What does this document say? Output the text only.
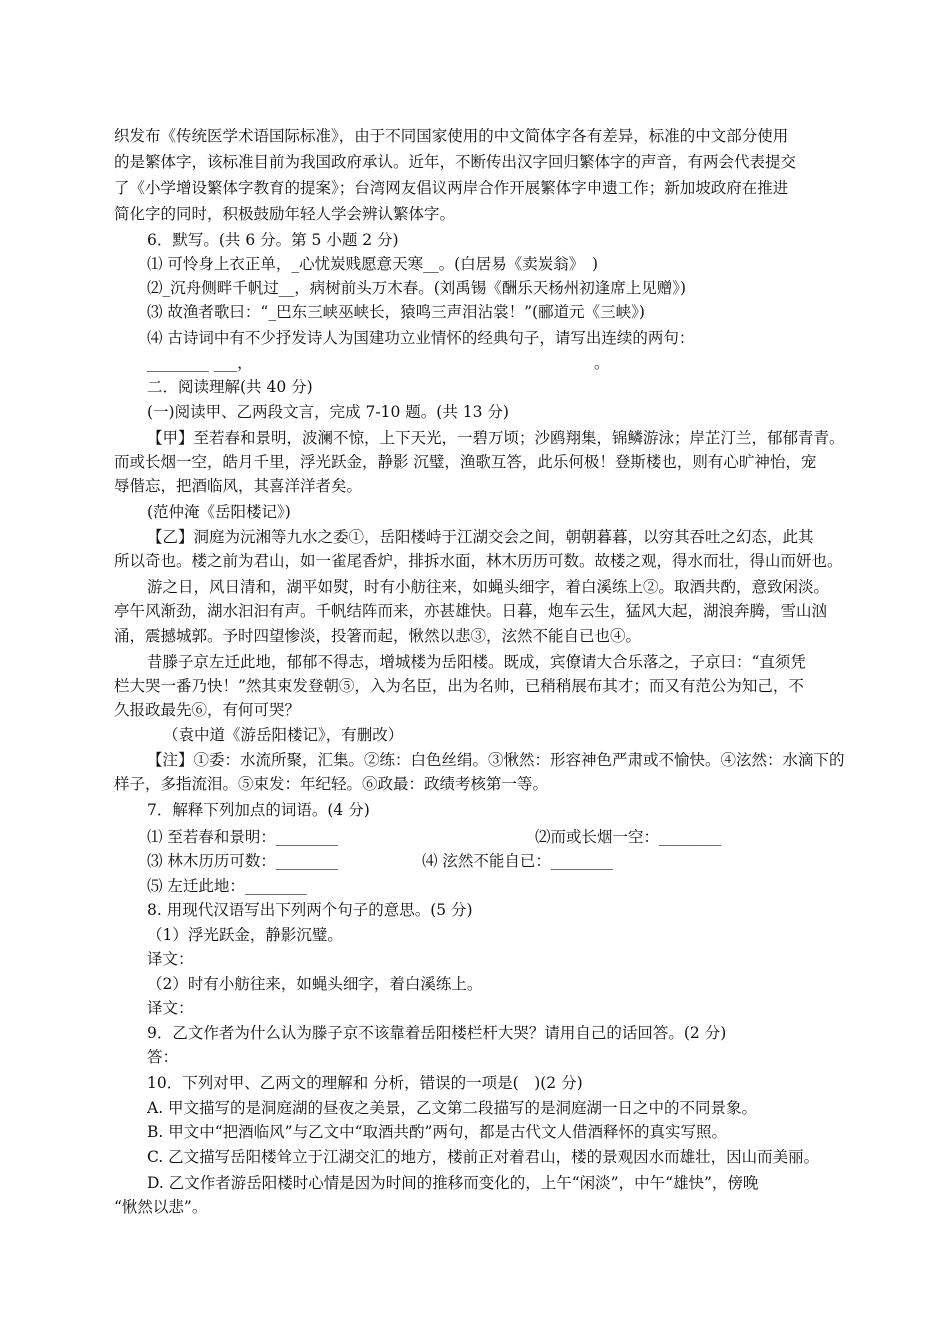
织发布《传统医学术语国际标准》，由于不同国家使用的中文简体字各有差异，标准的中文部分使用
的是繁体字，该标准目前为我国政府承认。近年，不断传出汉字回归繁体字的声音，有两会代表提交
了《小学增设繁体字教育的提案》；台湾网友倡议两岸合作开展繁体字申遗工作；新加坡政府在推进
简化字的同时，积极鼓励年轻人学会辨认繁体字。
6．默写。(共 6 分。第 5 小题 2 分)
⑴ 可怜身上衣正单，_心忧炭贱愿意天寒__。(白居易《卖炭翁》　)
⑵_沉舟侧畔千帆过__，病树前头万木春。(刘禹锡《酬乐天杨州初逢席上见赠》)
⑶ 故渔者歌曰：“_巴东三峡巫峡长，猿鸣三声泪沾裳！”(郦道元《三峡》)
⑷ 古诗词中有不少抒发诗人为国建功立业情怀的经典句子，请写出连续的两句：
________ ___，	。
二．阅读理解(共 40 分)
(一)阅读甲、乙两段文言，完成 7-10 题。(共 13 分)
【甲】至若春和景明，波澜不惊，上下天光，一碧万顷；沙鸥翔集，锦鳞游泳；岸芷汀兰，郁郁青青。
而或长烟一空，皓月千里，浮光跃金，静影 沉璧，渔歌互答，此乐何极！登斯楼也，则有心旷神怡，宠
辱偕忘，把酒临风，其喜洋洋者矣。
(范仲淹《岳阳楼记》)
【乙】洞庭为沅湘等九水之委①，岳阳楼峙于江湖交会之间，朝朝暮暮，以穷其吞吐之幻态，此其
所以奇也。楼之前为君山，如一雀尾香炉，排拆水面，林木历历可数。故楼之观，得水而壮，得山而妍也。
游之日，风日清和，湖平如熨，时有小舫往来，如蝇头细字，着白溪练上②。取酒共酌，意致闲淡。
亭午风渐劲，湖水汩汩有声。千帆结阵而来，亦甚雄快。日暮，炮车云生，猛风大起，湖浪奔腾，雪山汹
涌，震撼城郭。予时四望惨淡，投箸而起，愀然以悲③，泫然不能自已也④。
昔滕子京左迁此地，郁郁不得志，增城楼为岳阳楼。既成，宾僚请大合乐落之，子京曰：“直须凭
栏大哭一番乃快！”然其束发登朝⑤，入为名臣，出为名帅，已稍稍展布其才；而又有范公为知己，不
久报政最先⑥，有何可哭？
（袁中道《游岳阳楼记》，有删改）
【注】①委：水流所聚，汇集。②练：白色丝绢。③愀然：形容神色严肃或不愉快。④泫然：水滴下的
样子，多指流泪。⑤束发：年纪轻。⑥政最：政绩考核第一等。
7．解释下列加点的词语。(4 分)
⑴ 至若春和景明：________	⑵而或长烟一空：________
⑶ 林木历历可数：________	⑷ 泫然不能自已：________
⑸ 左迁此地：________
8. 用现代汉语写出下列两个句子的意思。(5 分)
（1）浮光跃金，静影沉璧。
译文：
（2）时有小舫往来，如蝇头细字，着白溪练上。
译文：
9．乙文作者为什么认为滕子京不该靠着岳阳楼栏杆大哭？请用自己的话回答。(2 分)
答：
10．下列对甲、乙两文的理解和 分析，错误的一项是(　)(2 分)
A. 甲文描写的是洞庭湖的昼夜之美景，乙文第二段描写的是洞庭湖一日之中的不同景象。
B. 甲文中“把酒临风”与乙文中“取酒共酌”两句，都是古代文人借酒释怀的真实写照。
C. 乙文描写岳阳楼耸立于江湖交汇的地方，楼前正对着君山，楼的景观因水而雄壮，因山而美丽。
D. 乙文作者游岳阳楼时心情是因为时间的推移而变化的，上午“闲淡”，中午“雄快”，傍晚
“愀然以悲”。
